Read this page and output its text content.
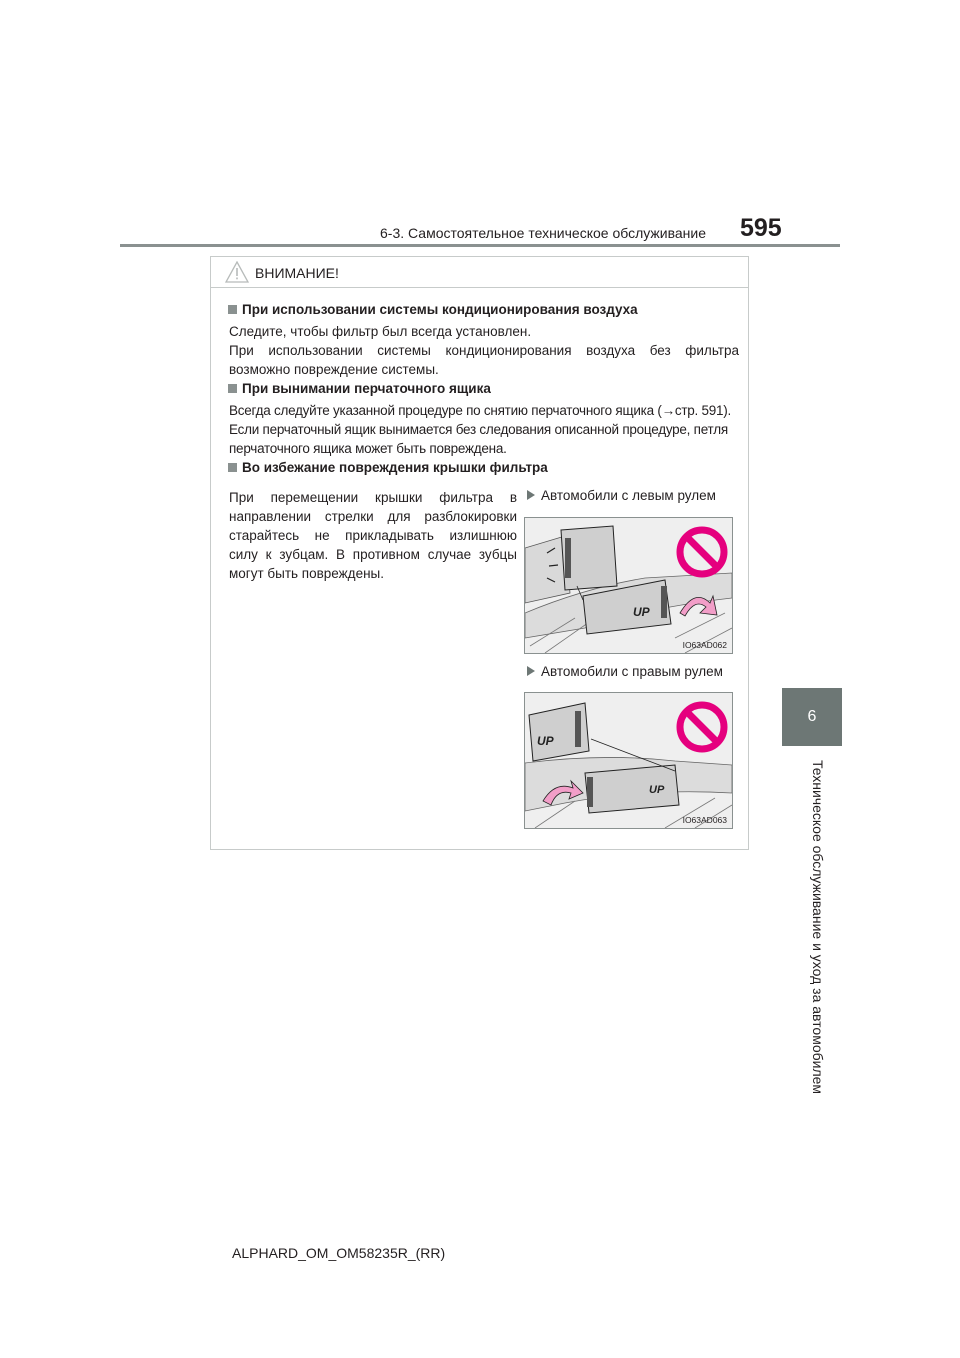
6-3. Самостоятельное техническое обслуживание 595
6
Техническое обслуживание и уход за автомобилем
ВНИМАНИЕ!
При использовании системы кондиционирования воздуха
Следите, чтобы фильтр был всегда установлен.
При использовании системы кондиционирования воздуха без фильтра
возможно повреждение системы.
При вынимании перчаточного ящика
Всегда следуйте указанной процедуре по снятию перчаточного ящика (→стр. 591).
Если перчаточный ящик вынимается без следования описанной процедуре, петля
перчаточного ящика может быть повреждена.
Во избежание повреждения крышки фильтра
При перемещении крышки фильтра в
направлении стрелки для разблокировки
старайтесь не прикладывать излишнюю
силу к зубцам. В противном случае зубцы
могут быть повреждены.
Автомобили с левым рулем
UP
IO63AD062
Автомобили с правым рулем
UP
UP
IO63AD063
ALPHARD_OM_OM58235R_(RR)
